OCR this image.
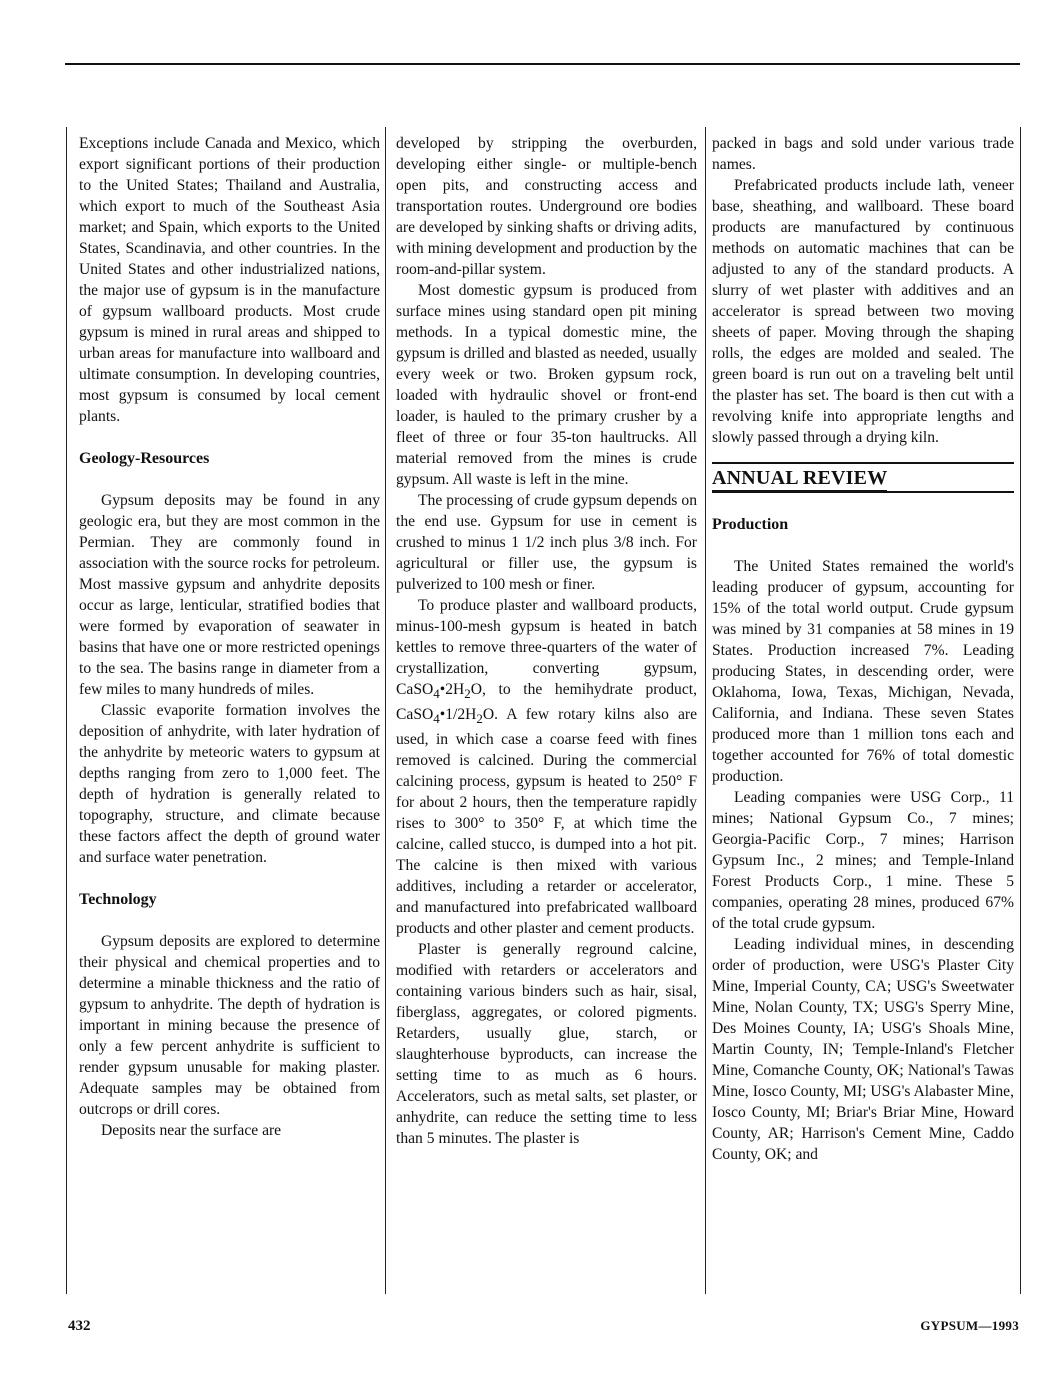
Exceptions include Canada and Mexico, which export significant portions of their production to the United States; Thailand and Australia, which export to much of the Southeast Asia market; and Spain, which exports to the United States, Scandinavia, and other countries. In the United States and other industrialized nations, the major use of gypsum is in the manufacture of gypsum wallboard products. Most crude gypsum is mined in rural areas and shipped to urban areas for manufacture into wallboard and ultimate consumption. In developing countries, most gypsum is consumed by local cement plants.

Geology-Resources

Gypsum deposits may be found in any geologic era, but they are most common in the Permian. They are commonly found in association with the source rocks for petroleum. Most massive gypsum and anhydrite deposits occur as large, lenticular, stratified bodies that were formed by evaporation of seawater in basins that have one or more restricted openings to the sea. The basins range in diameter from a few miles to many hundreds of miles.

Classic evaporite formation involves the deposition of anhydrite, with later hydration of the anhydrite by meteoric waters to gypsum at depths ranging from zero to 1,000 feet. The depth of hydration is generally related to topography, structure, and climate because these factors affect the depth of ground water and surface water penetration.

Technology

Gypsum deposits are explored to determine their physical and chemical properties and to determine a minable thickness and the ratio of gypsum to anhydrite. The depth of hydration is important in mining because the presence of only a few percent anhydrite is sufficient to render gypsum unusable for making plaster. Adequate samples may be obtained from outcrops or drill cores.

Deposits near the surface are

developed by stripping the overburden, developing either single- or multiple-bench open pits, and constructing access and transportation routes. Underground ore bodies are developed by sinking shafts or driving adits, with mining development and production by the room-and-pillar system.

Most domestic gypsum is produced from surface mines using standard open pit mining methods. In a typical domestic mine, the gypsum is drilled and blasted as needed, usually every week or two. Broken gypsum rock, loaded with hydraulic shovel or front-end loader, is hauled to the primary crusher by a fleet of three or four 35-ton haultrucks. All material removed from the mines is crude gypsum. All waste is left in the mine.

The processing of crude gypsum depends on the end use. Gypsum for use in cement is crushed to minus 1 1/2 inch plus 3/8 inch. For agricultural or filler use, the gypsum is pulverized to 100 mesh or finer.

To produce plaster and wallboard products, minus-100-mesh gypsum is heated in batch kettles to remove three-quarters of the water of crystallization, converting gypsum, $CaSO_4•2H_2O$, to the hemihydrate product, $CaSO_4•1/2H_2O$. A few rotary kilns also are used, in which case a coarse feed with fines removed is calcined. During the commercial calcining process, gypsum is heated to 250° F for about 2 hours, then the temperature rapidly rises to 300° to 350° F, at which time the calcine, called stucco, is dumped into a hot pit. The calcine is then mixed with various additives, including a retarder or accelerator, and manufactured into prefabricated wallboard products and other plaster and cement products.

Plaster is generally reground calcine, modified with retarders or accelerators and containing various binders such as hair, sisal, fiberglass, aggregates, or colored pigments. Retarders, usually glue, starch, or slaughterhouse byproducts, can increase the setting time to as much as 6 hours. Accelerators, such as metal salts, set plaster, or anhydrite, can reduce the setting time to less than 5 minutes. The plaster is

packed in bags and sold under various trade names.

Prefabricated products include lath, veneer base, sheathing, and wallboard. These board products are manufactured by continuous methods on automatic machines that can be adjusted to any of the standard products. A slurry of wet plaster with additives and an accelerator is spread between two moving sheets of paper. Moving through the shaping rolls, the edges are molded and sealed. The green board is run out on a traveling belt until the plaster has set. The board is then cut with a revolving knife into appropriate lengths and slowly passed through a drying kiln.

ANNUAL REVIEW
Production

The United States remained the world's leading producer of gypsum, accounting for 15% of the total world output. Crude gypsum was mined by 31 companies at 58 mines in 19 States. Production increased 7%. Leading producing States, in descending order, were Oklahoma, Iowa, Texas, Michigan, Nevada, California, and Indiana. These seven States produced more than 1 million tons each and together accounted for 76% of total domestic production.

Leading companies were USG Corp., 11 mines; National Gypsum Co., 7 mines; Georgia-Pacific Corp., 7 mines; Harrison Gypsum Inc., 2 mines; and Temple-Inland Forest Products Corp., 1 mine. These 5 companies, operating 28 mines, produced 67% of the total crude gypsum.

Leading individual mines, in descending order of production, were USG's Plaster City Mine, Imperial County, CA; USG's Sweetwater Mine, Nolan County, TX; USG's Sperry Mine, Des Moines County, IA; USG's Shoals Mine, Martin County, IN; Temple-Inland's Fletcher Mine, Comanche County, OK; National's Tawas Mine, Iosco County, MI; USG's Alabaster Mine, Iosco County, MI; Briar's Briar Mine, Howard County, AR; Harrison's Cement Mine, Caddo County, OK; and

432	GYPSUM—1993
